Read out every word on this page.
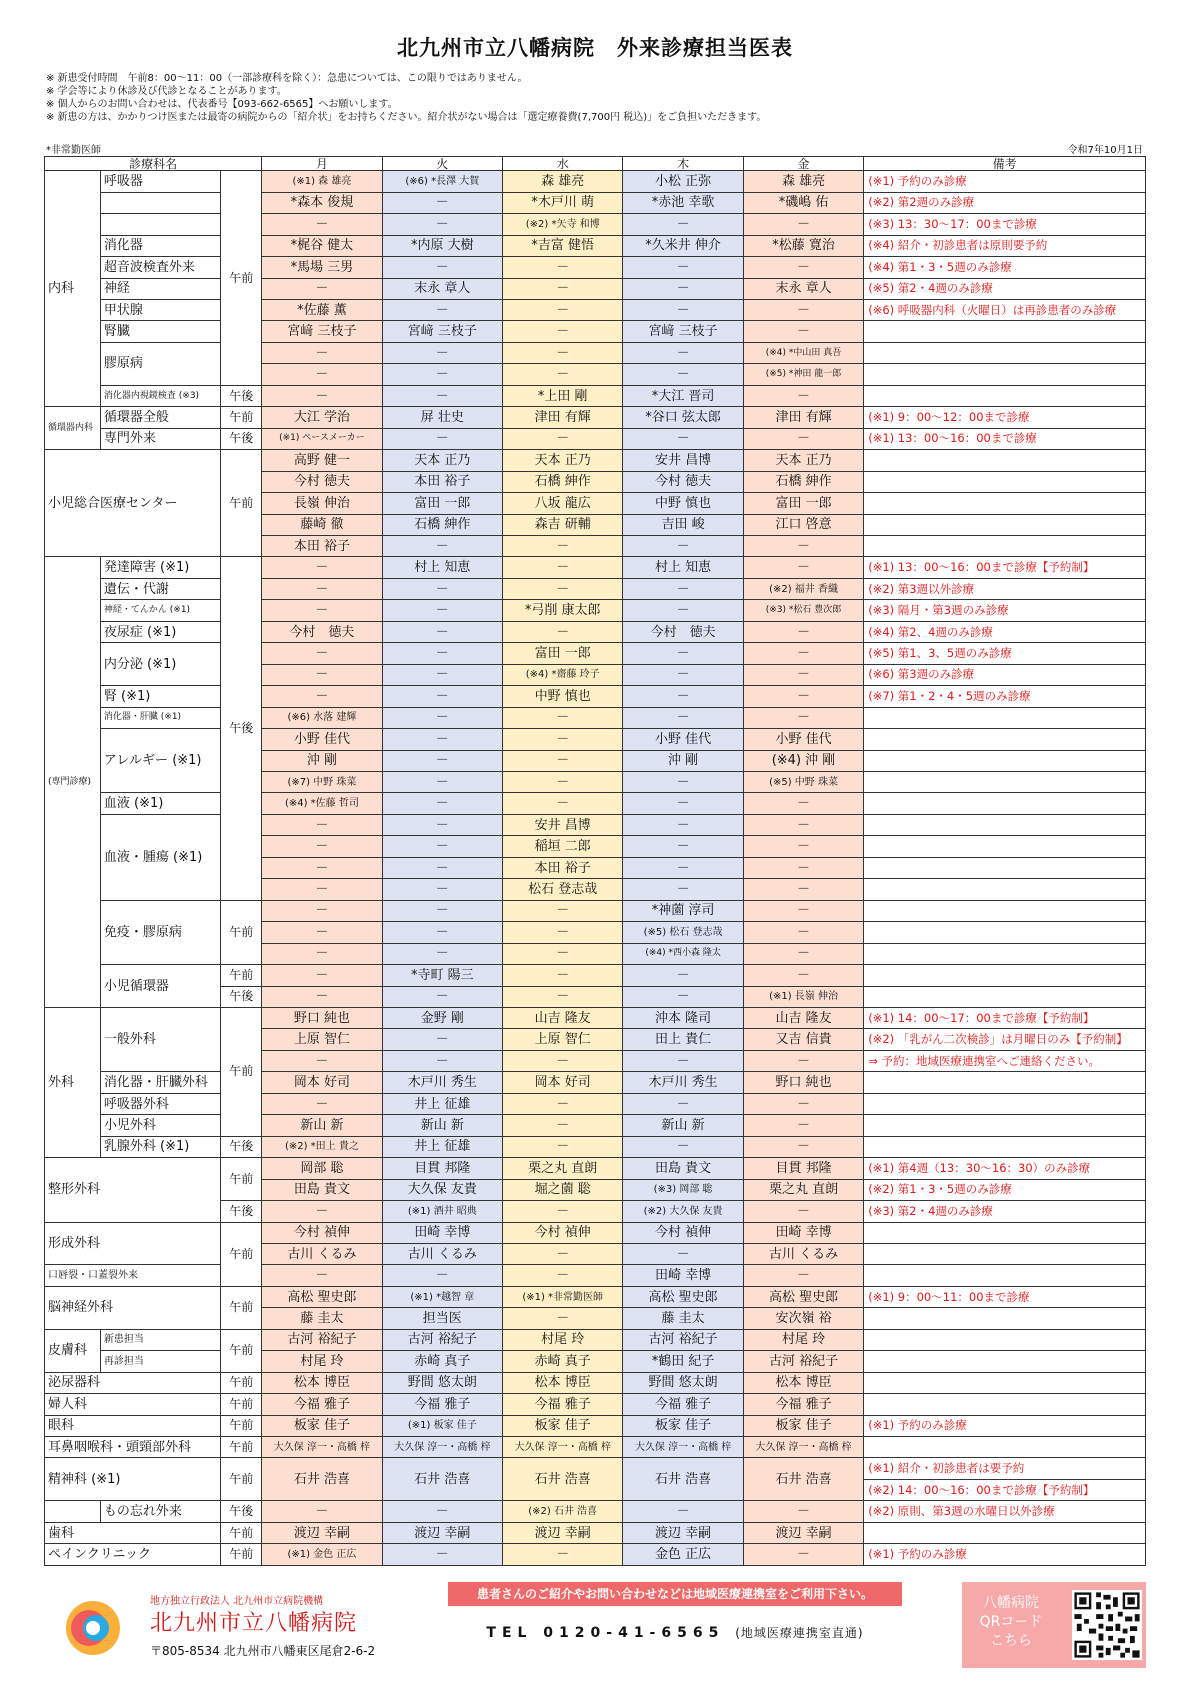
北九州市立八幡病院　外来診療担当医表
※ 新患受付時間　午前8：00～11：00（一部診療科を除く）：急患については、この限りではありません。
※ 学会等により休診及び代診となることがあります。
※ 個人からのお問い合わせは、代表番号【093-662-6565】へお願いします。
※ 新患の方は、かかりつけ医または最寄の病院からの「紹介状」をお持ちください。紹介状がない場合は「選定療養費(7,700円 税込)」をご負担いただきます。
*非常勤医師	令和7年10月1日
診療科名			月	火	水	木	金	備考
内科	呼吸器	午前	(※1) 森 雄亮	(※6) *長澤 大賀	森 雄亮	小松 正弥	森 雄亮	(※1) 予約のみ診療
			*森本 俊規	－	*木戸川 萌	*赤池 幸歌	*磯嶋 佑	(※2) 第2週のみ診療
			－	－	(※2) *矢寺 和博	－	－	(※3) 13：30～17：00まで診療
	消化器		*梶谷 健太	*内原 大樹	*吉富 健悟	*久米井 伸介	*松藤 寛治	(※4) 紹介・初診患者は原則要予約
	超音波検査外来		*馬場 三男	－	－	－	－	(※4) 第1・3・5週のみ診療
	神経		－	末永 章人	－	－	末永 章人	(※5) 第2・4週のみ診療
	甲状腺		*佐藤 薫	－	－	－	－	(※6) 呼吸器内科（火曜日）は再診患者のみ診療
	腎臓		宮﨑 三枝子	宮﨑 三枝子	－	宮﨑 三枝子	－	
	膠原病		－	－	－	－	(※4) *中山田 真吾	
			－	－	－	－	(※5) *神田 龍一郎	
	消化器内視鏡検査 (※3)	午後	－	－	*上田 剛	*大江 晋司	－	
循環器内科	循環器全般	午前	大江 学治	屏 壮史	津田 有輝	*谷口 弦太郎	津田 有輝	(※1) 9：00～12：00まで診療
	専門外来	午後	(※1) ペースメーカー	－	－	－	－	(※1) 13：00～16：00まで診療
小児総合医療センター		午前	高野 健一	天本 正乃	天本 正乃	安井 昌博	天本 正乃	
			今村 徳夫	本田 裕子	石橋 紳作	今村 徳夫	石橋 紳作	
			長嶺 伸治	富田 一郎	八坂 龍広	中野 慎也	富田 一郎	
			藤崎 徹	石橋 紳作	森吉 研輔	吉田 峻	江口 啓意	
			本田 裕子	－	－	－	－	
(専門診療)	発達障害 (※1)	午後	－	村上 知恵	－	村上 知恵	－	(※1) 13：00～16：00まで診療【予約制】
	遺伝・代謝		－	－	－	－	(※2) 福井 香織	(※2) 第3週以外診療
	神経・てんかん (※1)		－	－	*弓削 康太郎	－	(※3) *松石 豊次郎	(※3) 隔月・第3週のみ診療
	夜尿症 (※1)		今村　徳夫	－	－	今村　徳夫	－	(※4) 第2、4週のみ診療
	内分泌 (※1)		－	－	富田 一郎	－	－	(※5) 第1、3、5週のみ診療
			－	－	(※4) *齋藤 玲子	－	－	(※6) 第3週のみ診療
	腎 (※1)		－	－	中野 慎也	－	－	(※7) 第1・2・4・5週のみ診療
	消化器・肝臓 (※1)		(※6) 水落 建輝	－	－	－	－	
	アレルギー (※1)		小野 佳代	－	－	小野 佳代	小野 佳代	
			沖 剛	－	－	沖 剛	(※4) 沖 剛	
			(※7) 中野 珠菜	－	－	－	(※5) 中野 珠菜	
	血液 (※1)		(※4) *佐藤 哲司	－	－	－	－	
	血液・腫瘍 (※1)		－	－	安井 昌博	－	－	
			－	－	稲垣 二郎	－	－	
			－	－	本田 裕子	－	－	
			－	－	松石 登志哉	－	－	
	免疫・膠原病	午前	－	－	－	*神薗 淳司	－	
			－	－	－	(※5) 松石 登志哉	－	
			－	－	－	(※4) *西小森 隆太	－	
	小児循環器	午前	－	*寺町 陽三	－	－	－	
		午後	－	－	－	－	(※1) 長嶺 伸治	
外科	一般外科	午前	野口 純也	金野 剛	山吉 隆友	沖本 隆司	山吉 隆友	(※1) 14：00～17：00まで診療【予約制】
			上原 智仁	－	上原 智仁	田上 貴仁	又吉 信貴	(※2) 「乳がん二次検診」は月曜日のみ【予約制】
			－	－	－	－	－	⇒ 予約：地域医療連携室へご連絡ください。
	消化器・肝臓外科		岡本 好司	木戸川 秀生	岡本 好司	木戸川 秀生	野口 純也	
	呼吸器外科		－	井上 征雄	－	－	－	
	小児外科		新山 新	新山 新	－	新山 新	－	
	乳腺外科 (※1)	午後	(※2) *田上 貴之	井上 征雄	－	－	－	
整形外科		午前	岡部 聡	目貫 邦隆	栗之丸 直朗	田島 貴文	目貫 邦隆	(※1) 第4週（13：30～16：30）のみ診療
			田島 貴文	大久保 友貴	堀之薗 聡	(※3) 岡部 聡	栗之丸 直朗	(※2) 第1・3・5週のみ診療
		午後	－	(※1) 酒井 昭典	－	(※2) 大久保 友貴	－	(※3) 第2・4週のみ診療
形成外科		午前	今村 禎伸	田崎 幸博	今村 禎伸	今村 禎伸	田崎 幸博	
			古川 くるみ	古川 くるみ	－	－	古川 くるみ	
口唇裂・口蓋裂外来			－	－	－	田崎 幸博	－	
脳神経外科		午前	高松 聖史郎	(※1) *越智 章	(※1) *非常勤医師	高松 聖史郎	高松 聖史郎	(※1) 9：00～11：00まで診療
			藤 圭太	担当医	－	藤 圭太	安次嶺 裕	
皮膚科	新患担当	午前	古河 裕紀子	古河 裕紀子	村尾 玲	古河 裕紀子	村尾 玲	
	再診担当		村尾 玲	赤崎 真子	赤崎 真子	*鶴田 紀子	古河 裕紀子	
泌尿器科		午前	松本 博臣	野間 悠太朗	松本 博臣	野間 悠太朗	松本 博臣	
婦人科		午前	今福 雅子	今福 雅子	今福 雅子	今福 雅子	今福 雅子	
眼科		午前	板家 佳子	(※1) 板家 佳子	板家 佳子	板家 佳子	板家 佳子	(※1) 予約のみ診療
耳鼻咽喉科・頭頸部外科		午前	大久保 淳一・高橋 梓	大久保 淳一・高橋 梓	大久保 淳一・高橋 梓	大久保 淳一・高橋 梓	大久保 淳一・高橋 梓	
精神科 (※1)		午前	石井 浩喜	石井 浩喜	石井 浩喜	石井 浩喜	石井 浩喜	(※1) 紹介・初診患者は要予約
								(※2) 14：00～16：00まで診療【予約制】
	もの忘れ外来	午後	－	－	(※2) 石井 浩喜	－	－	(※2) 原則、第3週の水曜日以外診療
歯科		午前	渡辺 幸嗣	渡辺 幸嗣	渡辺 幸嗣	渡辺 幸嗣	渡辺 幸嗣	
ペインクリニック		午前	(※1) 金色 正広	－	－	金色 正広	－	(※1) 予約のみ診療
地方独立行政法人 北九州市立病院機構
北九州市立八幡病院
〒805-8534 北九州市八幡東区尾倉2-6-2
患者さんのご紹介やお問い合わせなどは地域医療連携室をご利用下さい。
TEL 0120-41-6565 (地域医療連携室直通)
八幡病院
QRコード
こちら
